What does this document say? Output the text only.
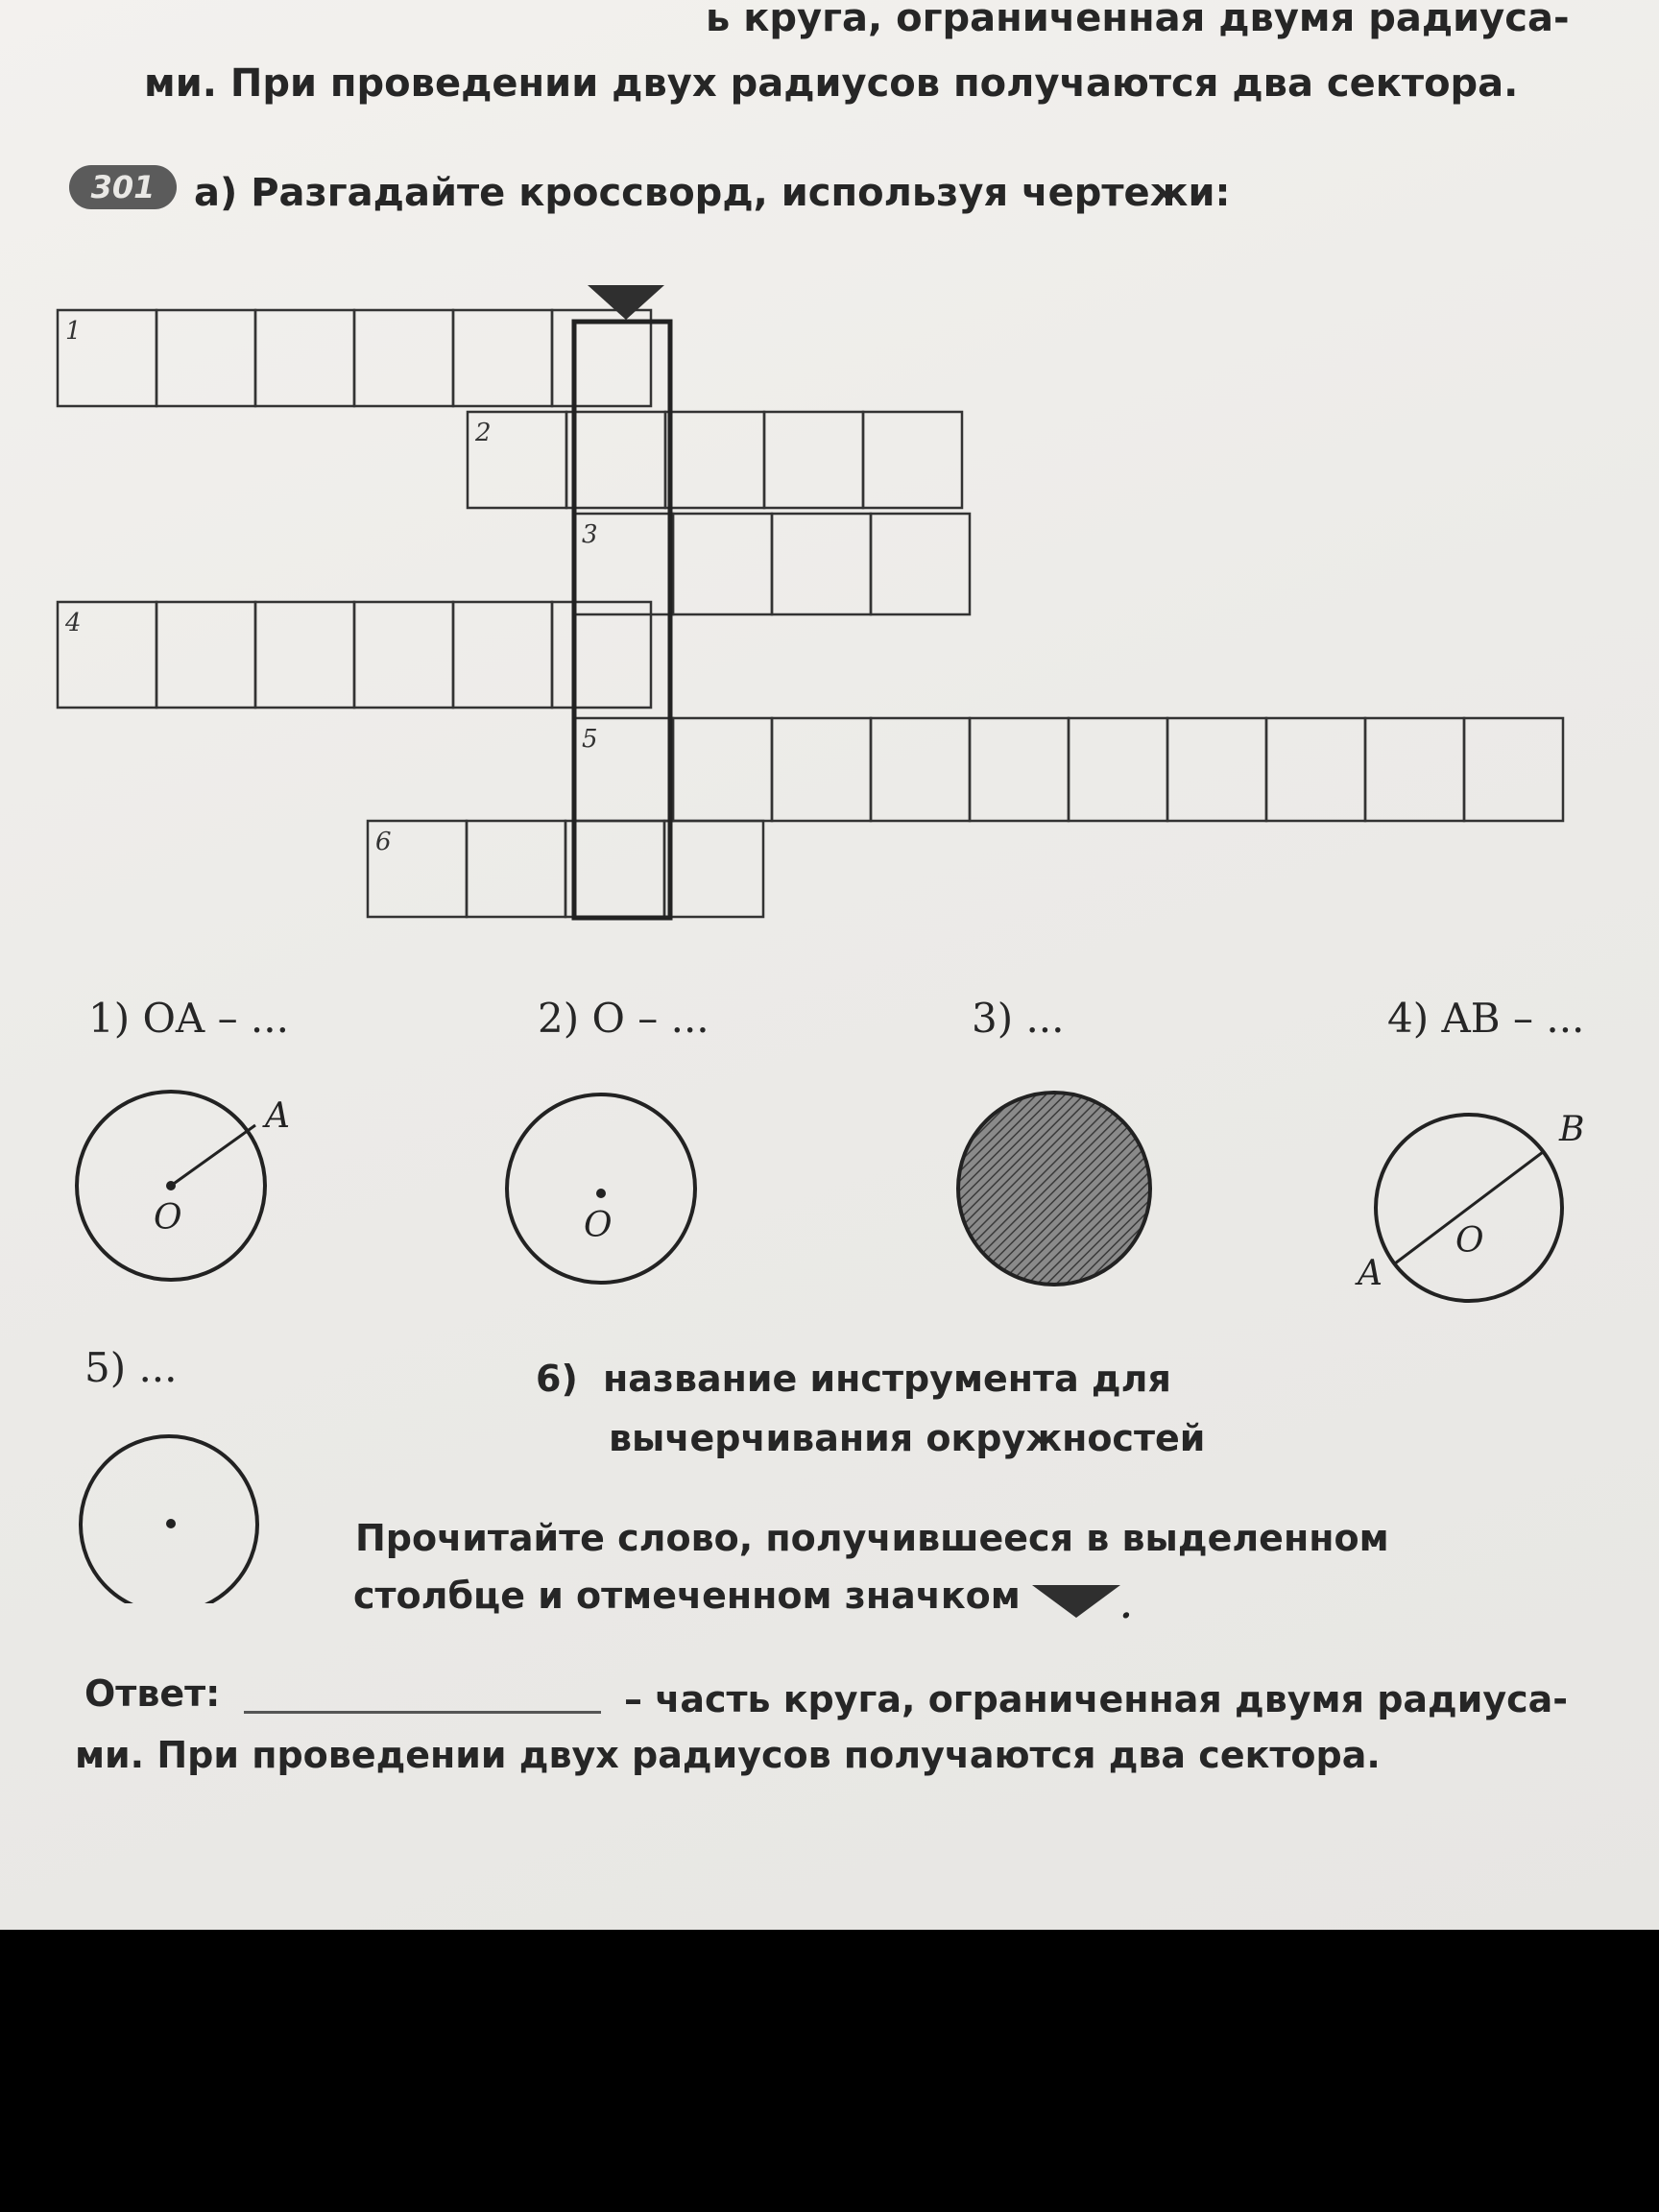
ь круга, ограниченная двумя радиуса-
ми. При проведении двух радиусов получаются два сектора.
301	а) Разгадайте кроссворд, используя чертежи:
1
2
3
4
5
6
1) OA – ...	2) O – ...	3) ...	4) AB – ...
5) ...
O
A
O	O
B
A
6) название инструмента для
вычерчивания окружностей
Прочитайте слово, получившееся в выделенном
столбце и отмеченном значком	.
Ответ:	– часть круга, ограниченная двумя радиуса-
ми. При проведении двух радиусов получаются два сектора.
